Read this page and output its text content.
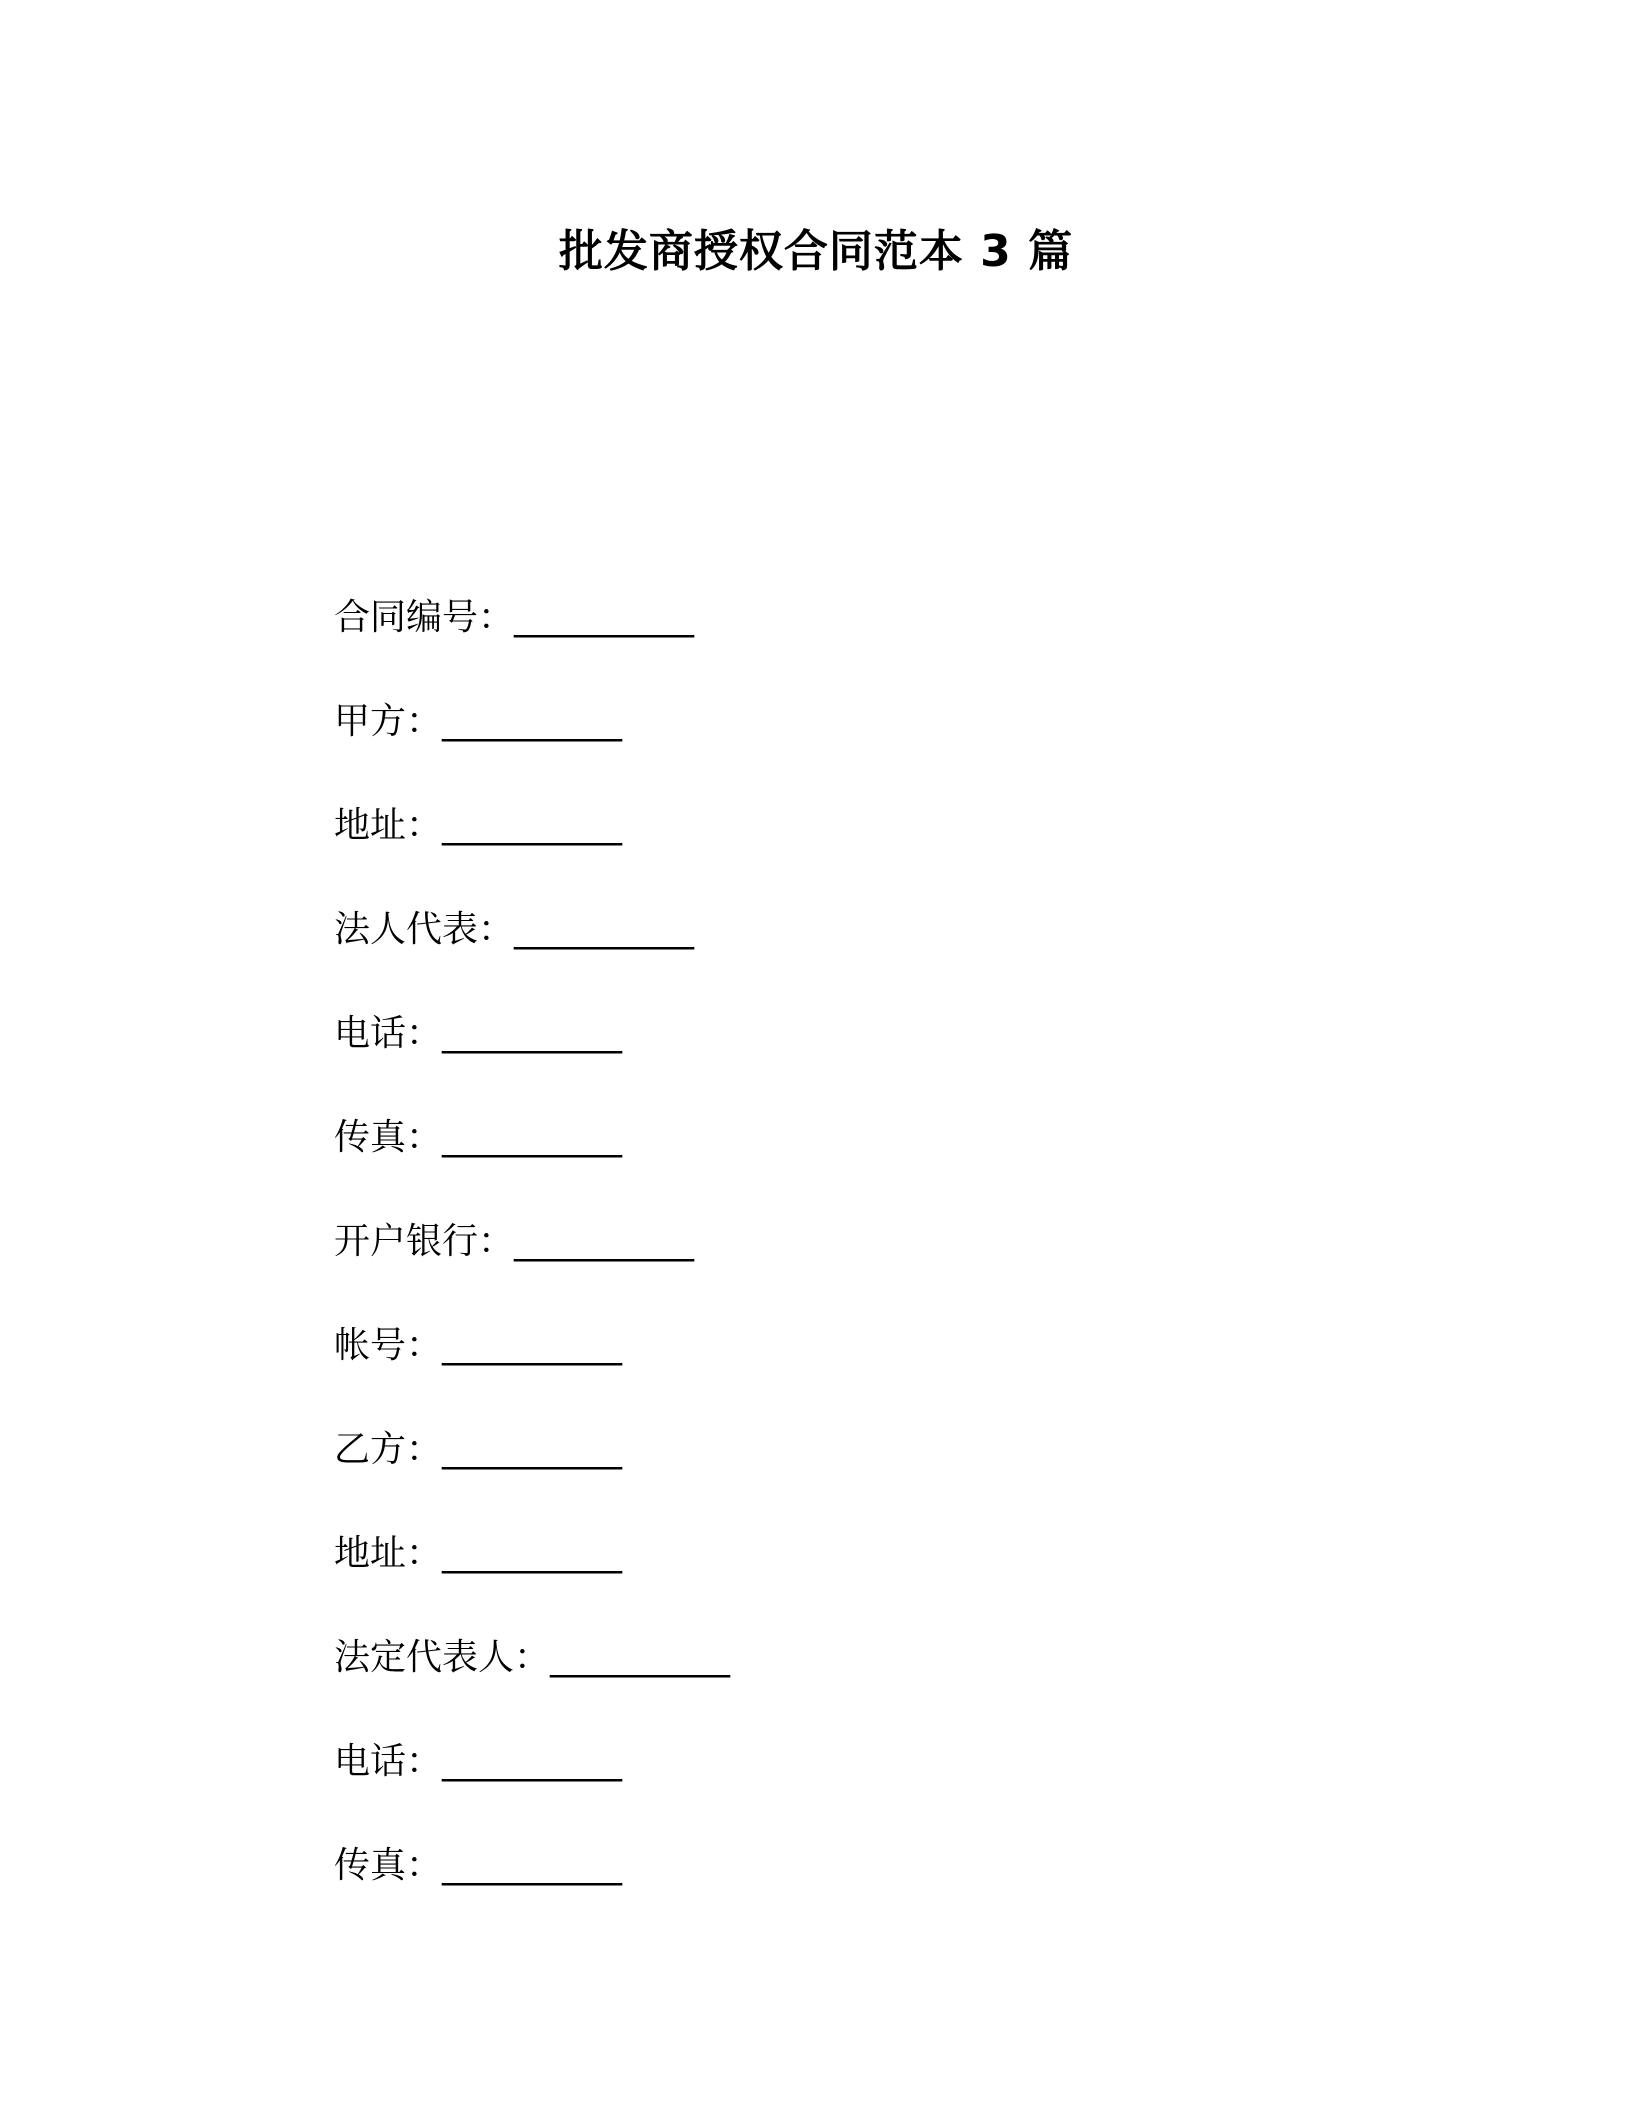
批发商授权合同范本 3 篇
合同编号：__________
甲方：__________
地址：__________
法人代表：__________
电话：__________
传真：__________
开户银行：__________
帐号：__________
乙方：__________
地址：__________
法定代表人：__________
电话：__________
传真：__________
